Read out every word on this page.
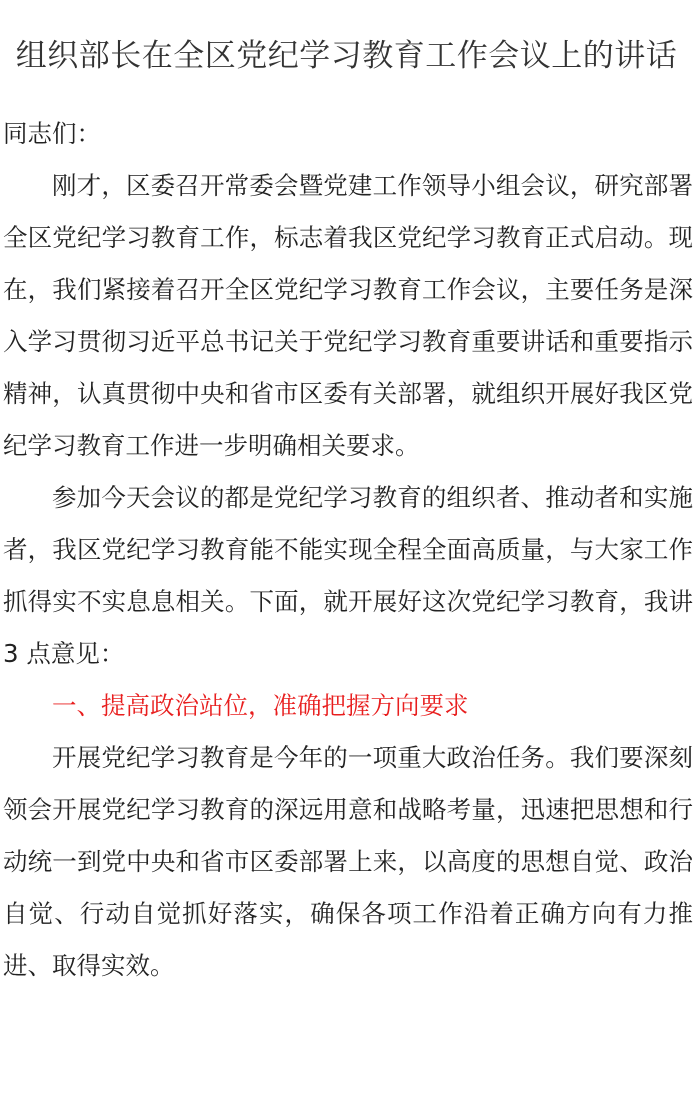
组织部长在全区党纪学习教育工作会议上的讲话

同志们：

刚才，区委召开常委会暨党建工作领导小组会议，研究部署全区党纪学习教育工作，标志着我区党纪学习教育正式启动。现在，我们紧接着召开全区党纪学习教育工作会议，主要任务是深入学习贯彻习近平总书记关于党纪学习教育重要讲话和重要指示精神，认真贯彻中央和省市区委有关部署，就组织开展好我区党纪学习教育工作进一步明确相关要求。

参加今天会议的都是党纪学习教育的组织者、推动者和实施者，我区党纪学习教育能不能实现全程全面高质量，与大家工作抓得实不实息息相关。下面，就开展好这次党纪学习教育，我讲 3 点意见：

一、提高政治站位，准确把握方向要求

开展党纪学习教育是今年的一项重大政治任务。我们要深刻领会开展党纪学习教育的深远用意和战略考量，迅速把思想和行动统一到党中央和省市区委部署上来，以高度的思想自觉、政治自觉、行动自觉抓好落实，确保各项工作沿着正确方向有力推进、取得实效。
